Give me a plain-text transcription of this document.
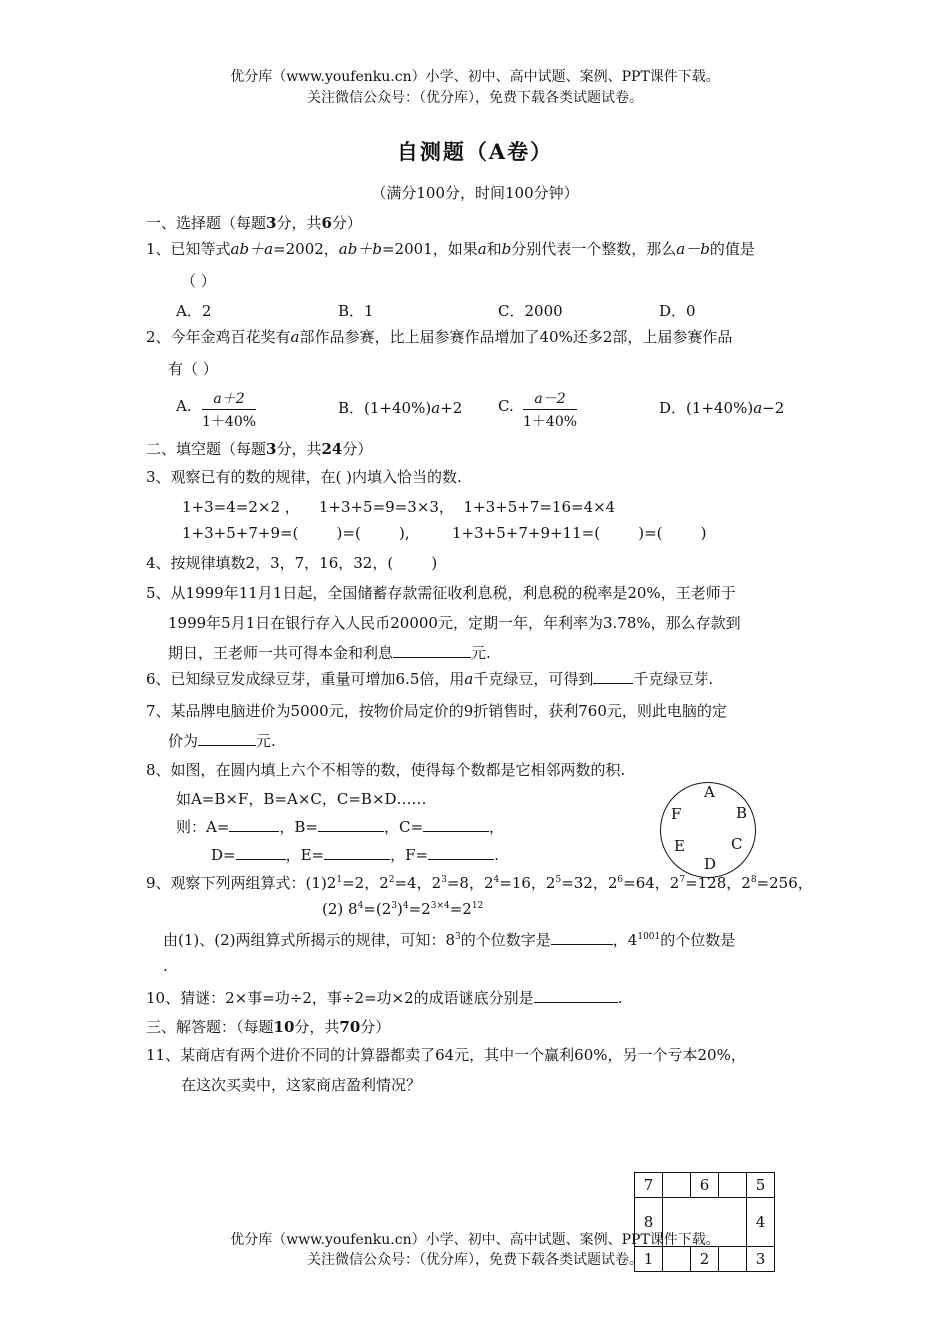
优分库（www.youfenku.cn）小学、初中、高中试题、案例、PPT课件下载。
关注微信公众号：（优分库），免费下载各类试题试卷。
自测题（A卷）
（满分100分，时间100分钟）
一、选择题（每题3分，共6分）
1、已知等式ab＋a=2002，ab＋b=2001，如果a和b分别代表一个整数，那么a－b的值是
（ ）
A．2	B．1	C．2000	D．0
2、今年金鸡百花奖有a部作品参赛，比上届参赛作品增加了40%还多2部，上届参赛作品
有（ ）
A. $\frac{a+2}{1+40\%}$	B．(1+40%)a+2 C. $\frac{a-2}{1+40\%}$	D．(1+40%)a−2
二、填空题（每题3分，共24分）
3、观察已有的数的规律，在( )内填入恰当的数.
1+3=4=2×2 ，    1+3+5=9=3×3，  1+3+5+7=16=4×4
1+3+5+7+9=(        )=(        ),	1+3+5+7+9+11=(        )=(        )
4、按规律填数2，3，7，16，32，(        )
5、从1999年11月1日起，全国储蓄存款需征收利息税，利息税的税率是20%，王老师于
1999年5月1日在银行存入人民币20000元，定期一年，年利率为3.78%，那么存款到
期日，王老师一共可得本金和利息	元.
6、已知绿豆发成绿豆芽，重量可增加6.5倍，用a千克绿豆，可得到	千克绿豆芽.
7、某品牌电脑进价为5000元，按物价局定价的9折销售时，获利760元，则此电脑的定
价为	元.
8、如图，在圆内填上六个不相等的数，使得每个数都是它相邻两数的积.
如A=B×F，B=A×C，C=B×D……
则：A=	，B=	，C=	，
D=	，E=	，F=	.
A
B
C
D
E
F
9、观察下列两组算式：$(1)2^1=2$，$2^2=4$，$2^3=8$，$2^4=16$，$2^5=32$，$2^6=64$，$2^7=128$，$2^8=256$，
(2) $8^4=(2^3)^4=2^{3\times 4}=2^{12}$
由(1)、(2)两组算式所揭示的规律，可知：$8^3$的个位数字是	，$4^{1001}$的个位数是
.
10、猜谜：2×事=功÷2，事÷2=功×2的成语谜底分别是	.
三、解答题：（每题10分，共70分）
11、某商店有两个进价不同的计算器都卖了64元，其中一个赢利60%，另一个亏本20%，
在这次买卖中，这家商店盈利情况？
7		6		5
8				4
1		2		3
优分库（www.youfenku.cn）小学、初中、高中试题、案例、PPT课件下载。
关注微信公众号：（优分库），免费下载各类试题试卷。
